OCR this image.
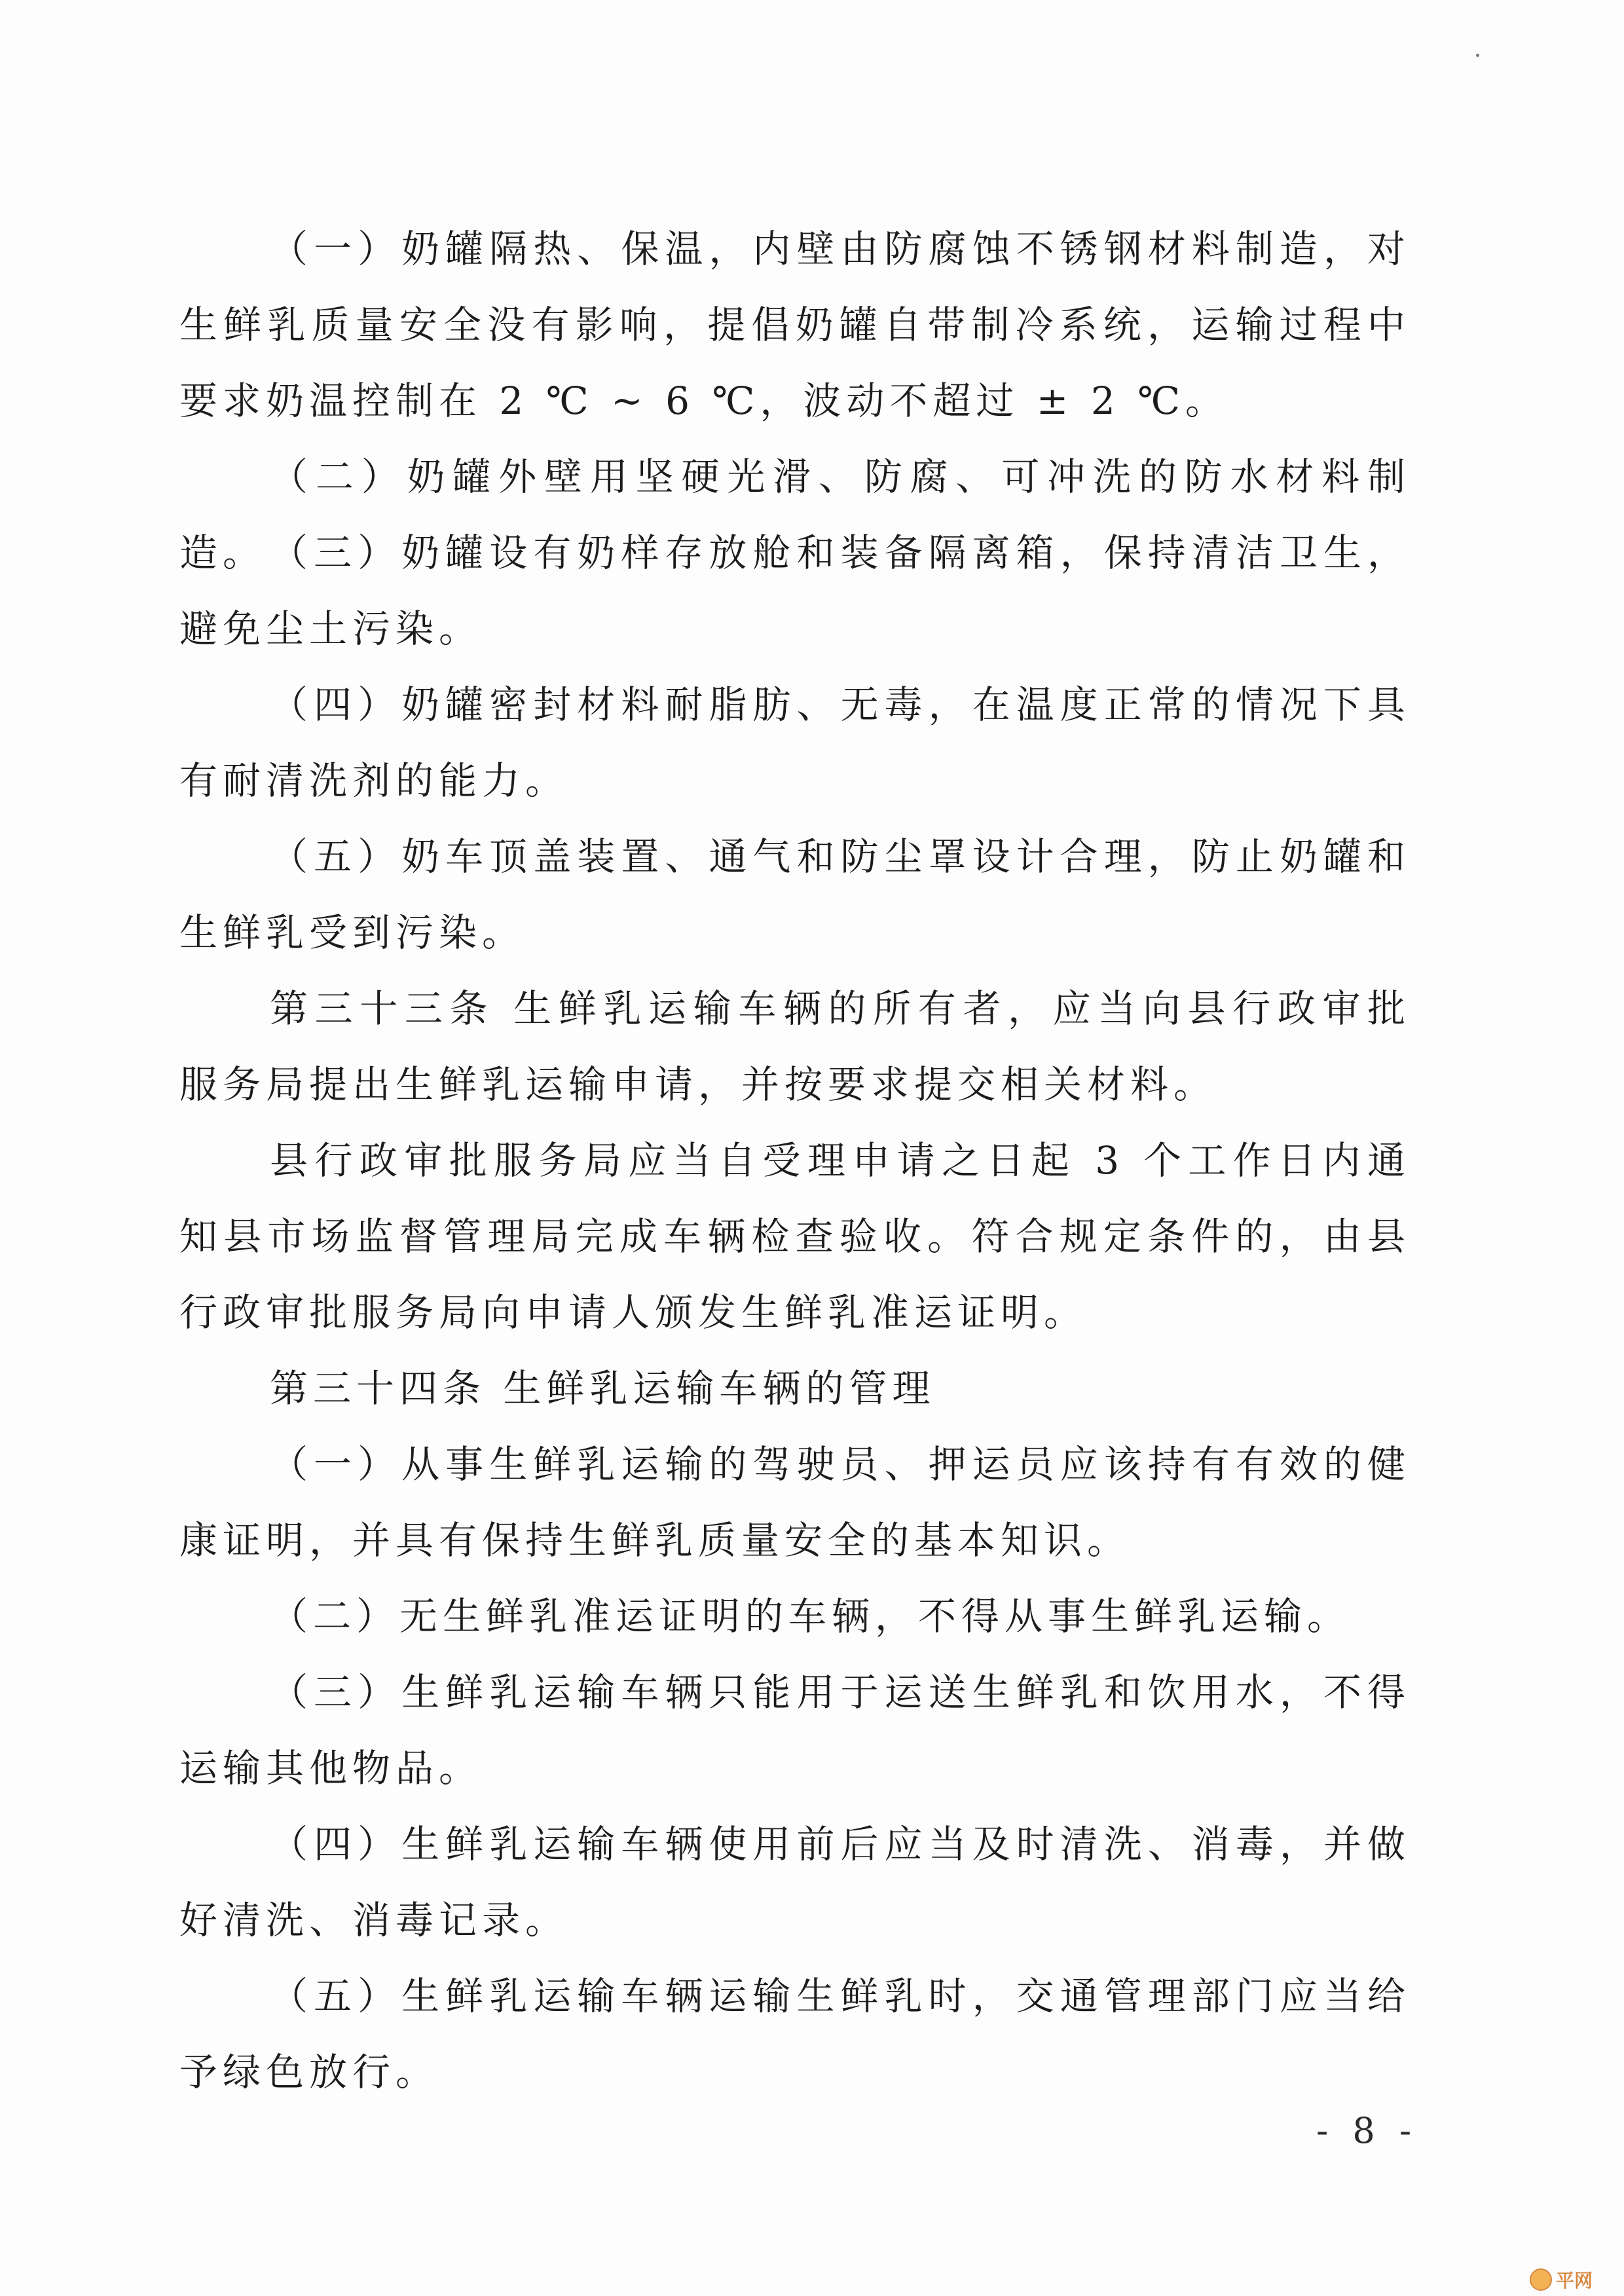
（一）奶罐隔热、保温，内壁由防腐蚀不锈钢材料制造，对生鲜乳质量安全没有影响，提倡奶罐自带制冷系统，运输过程中要求奶温控制在 2 ℃ ~ 6 ℃，波动不超过 ± 2 ℃。

（二）奶罐外壁用坚硬光滑、防腐、可冲洗的防水材料制造。 （三）奶罐设有奶样存放舱和装备隔离箱，保持清洁卫生，避免尘土污染。

（四）奶罐密封材料耐脂肪、无毒，在温度正常的情况下具有耐清洗剂的能力。

（五）奶车顶盖装置、通气和防尘罩设计合理，防止奶罐和生鲜乳受到污染。

第三十三条 生鲜乳运输车辆的所有者，应当向县行政审批服务局提出生鲜乳运输申请，并按要求提交相关材料。

县行政审批服务局应当自受理申请之日起 3 个工作日内通知县市场监督管理局完成车辆检查验收。符合规定条件的，由县行政审批服务局向申请人颁发生鲜乳准运证明。

第三十四条 生鲜乳运输车辆的管理

（一）从事生鲜乳运输的驾驶员、押运员应该持有有效的健康证明，并具有保持生鲜乳质量安全的基本知识。

（二）无生鲜乳准运证明的车辆，不得从事生鲜乳运输。

（三）生鲜乳运输车辆只能用于运送生鲜乳和饮用水，不得运输其他物品。

（四）生鲜乳运输车辆使用前后应当及时清洗、消毒，并做好清洗、消毒记录。

（五）生鲜乳运输车辆运输生鲜乳时，交通管理部门应当给予绿色放行。

- 8 -
平网
